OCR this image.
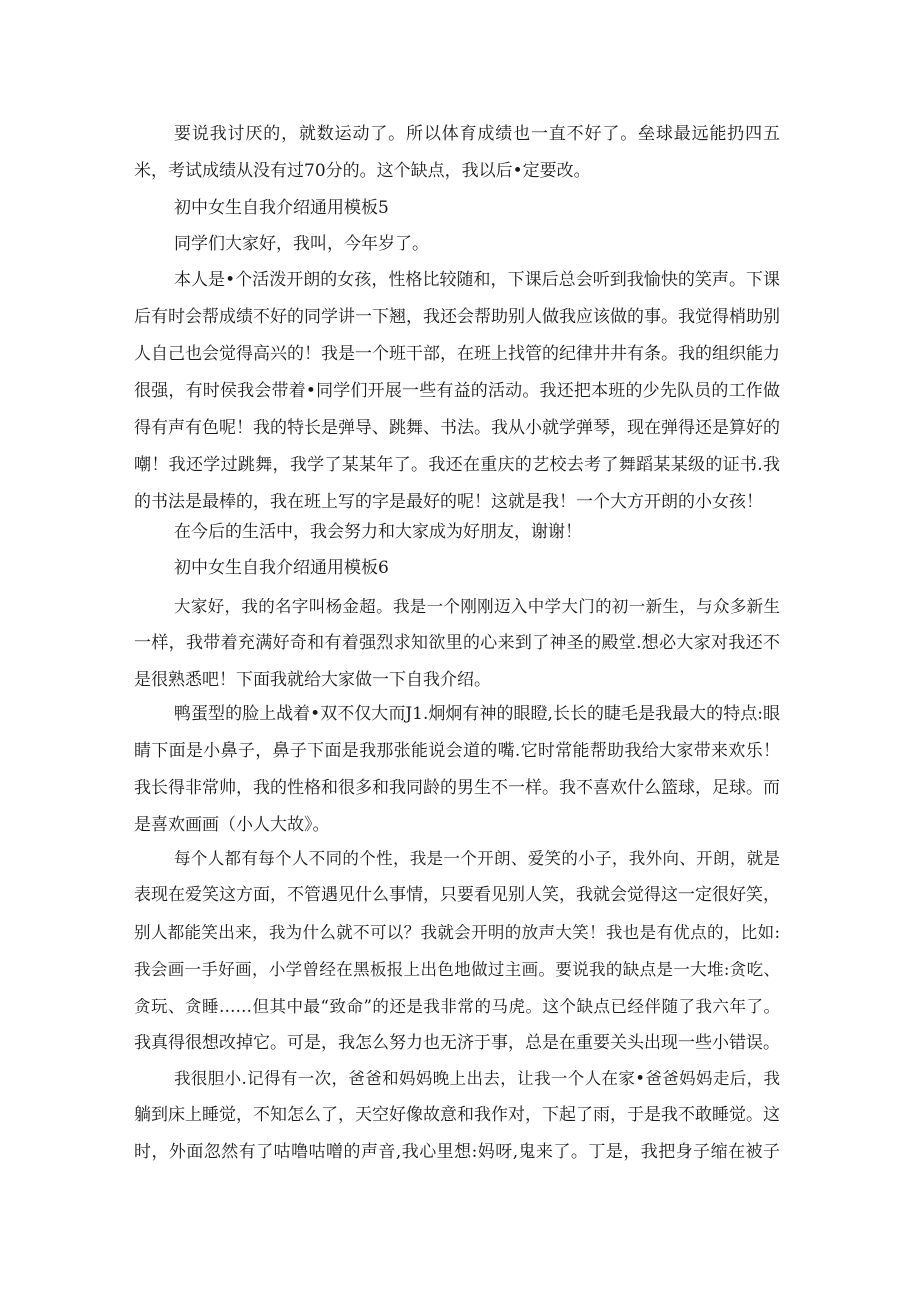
要说我讨厌的，就数运动了。所以体育成绩也一直不好了。垒球最远能扔四五
米，考试成绩从没有过70分的。这个缺点，我以后•定要改。
初中女生自我介绍通用模板5
同学们大家好，我叫，今年岁了。
本人是•个活泼开朗的女孩，性格比较随和，下课后总会听到我愉快的笑声。下课
后有时会帮成绩不好的同学讲一下翘，我还会帮助别人做我应该做的事。我觉得梢助别
人自己也会觉得高兴的！我是一个班干部，在班上找管的纪律井井有条。我的组织能力
很强，有时侯我会带着•同学们开展一些有益的活动。我还把本班的少先队员的工作做
得有声有色呢！我的特长是弹导、跳舞、书法。我从小就学弹琴，现在弹得还是算好的
嘲！我还学过跳舞，我学了某某年了。我还在重庆的艺校去考了舞蹈某某级的证书.我
的书法是最棒的，我在班上写的字是最好的呢！这就是我！一个大方开朗的小女孩！
在今后的生活中，我会努力和大家成为好朋友，谢谢！
初中女生自我介绍通用模板6
大家好，我的名字叫杨金超。我是一个刚刚迈入中学大门的初一新生，与众多新生
一样，我带着充满好奇和有着强烈求知欲里的心来到了神圣的殿堂.想必大家对我还不
是很熟悉吧！下面我就给大家做一下自我介绍。
鸭蛋型的脸上战着•双不仅大而J1.炯炯有神的眼瞪,长长的睫毛是我最大的特点:眼
睛下面是小鼻子，鼻子下面是我那张能说会道的嘴.它时常能帮助我给大家带来欢乐！
我长得非常帅，我的性格和很多和我同龄的男生不一样。我不喜欢什么篮球，足球。而
是喜欢画画（小人大故》。
每个人都有每个人不同的个性，我是一个开朗、爱笑的小子，我外向、开朗，就是
表现在爱笑这方面，不管遇见什么事情，只要看见别人笑，我就会觉得这一定很好笑，
别人都能笑出来，我为什么就不可以？我就会开明的放声大笑！我也是有优点的，比如:
我会画一手好画，小学曾经在黑板报上出色地做过主画。要说我的缺点是一大堆:贪吃、
贪玩、贪睡……但其中最“致命”的还是我非常的马虎。这个缺点已经伴随了我六年了。
我真得很想改掉它。可是，我怎么努力也无济于事，总是在重要关头出现一些小错误。
我很胆小.记得有一次，爸爸和妈妈晚上出去，让我一个人在家•爸爸妈妈走后，我
躺到床上睡觉，不知怎么了，天空好像故意和我作对，下起了雨，于是我不敢睡觉。这
时，外面忽然有了咕噜咕噌的声音,我心里想:妈呀,鬼来了。丁是，我把身子缩在被子
